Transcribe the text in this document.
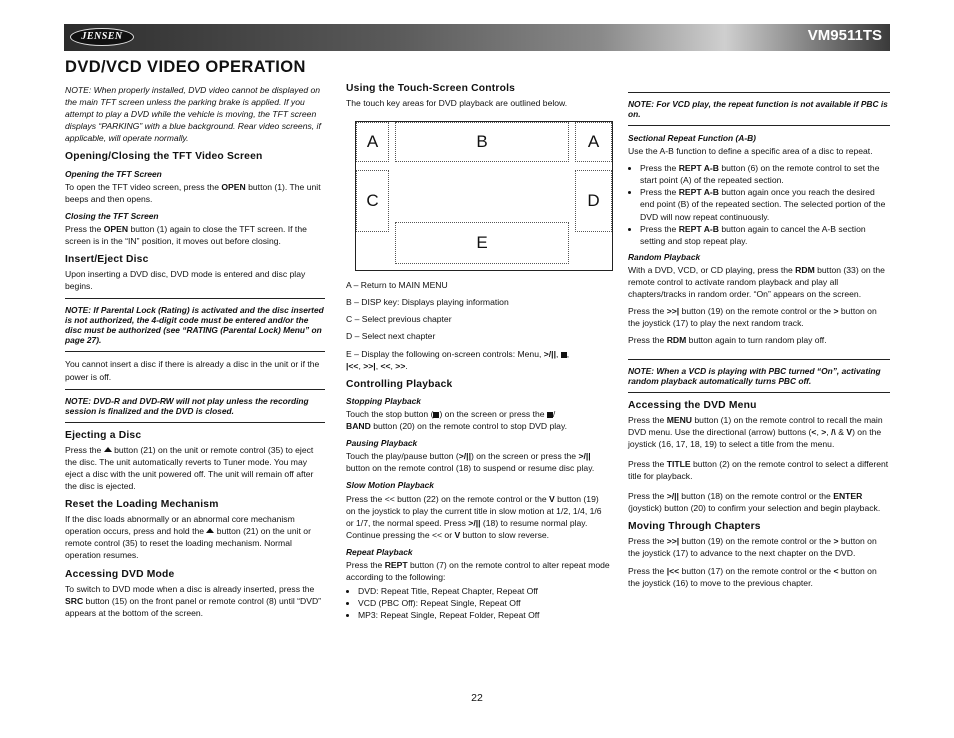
JENSEN	VM9511TS
DVD/VCD VIDEO OPERATION

NOTE: When properly installed, DVD video cannot be displayed on the main TFT screen unless the parking brake is applied. If you attempt to play a DVD while the vehicle is moving, the TFT screen displays “PARKING” with a blue background. Rear video screens, if applicable, will operate normally.

Opening/Closing the TFT Video Screen
Opening the TFT Screen

To open the TFT video screen, press the OPEN button (1). The unit beeps and then opens.

Closing the TFT Screen

Press the OPEN button (1) again to close the TFT screen. If the screen is in the “IN” position, it moves out before closing.

Insert/Eject Disc

Upon inserting a DVD disc, DVD mode is entered and disc play begins.

NOTE: If Parental Lock (Rating) is activated and the disc inserted is not authorized, the 4-digit code must be entered and/or the disc must be authorized (see “RATING (Parental Lock) Menu” on page 27).

You cannot insert a disc if there is already a disc in the unit or if the power is off.

NOTE: DVD-R and DVD-RW will not play unless the recording session is finalized and the DVD is closed.

Ejecting a Disc

Press the  button (21) on the unit or remote control (35) to eject the disc. The unit automatically reverts to Tuner mode. You may eject a disc with the unit powered off. The unit will remain off after the disc is ejected.

Reset the Loading Mechanism

If the disc loads abnormally or an abnormal core mechanism operation occurs, press and hold the  button (21) on the unit or remote control (35) to reset the loading mechanism. Normal operation resumes.

Accessing DVD Mode

To switch to DVD mode when a disc is already inserted, press the SRC button (15) on the front panel or remote control (8) until “DVD” appears at the bottom of the screen.

Using the Touch-Screen Controls

The touch key areas for DVD playback are outlined below.

A	B	A
C	D
E

A – Return to MAIN MENU

B – DISP key: Displays playing information

C – Select previous chapter

D – Select next chapter

E – Display the following on-screen controls: Menu, >/||, ,
|<<, >>|, <<, >>.

Controlling Playback
Stopping Playback

Touch the stop button ( ) on the screen or press the /
BAND button (20) on the remote control to stop DVD play.

Pausing Playback

Touch the play/pause button (>/||) on the screen or press the >/|| button on the remote control (18) to suspend or resume disc play.

Slow Motion Playback

Press the << button (22) on the remote control or the V button (19) on the joystick to play the current title in slow motion at 1/2, 1/4, 1/6 or 1/7, the normal speed. Press >/|| (18) to resume normal play. Continue pressing the << or V button to slow reverse.

Repeat Playback

Press the REPT button (7) on the remote control to alter repeat mode according to the following:

• DVD: Repeat Title, Repeat Chapter, Repeat Off
• VCD (PBC Off): Repeat Single, Repeat Off
• MP3: Repeat Single, Repeat Folder, Repeat Off

NOTE: For VCD play, the repeat function is not available if PBC is on.

Sectional Repeat Function (A-B)

Use the A-B function to define a specific area of a disc to repeat.

• Press the REPT A-B button (6) on the remote control to set the start point (A) of the repeated section.
• Press the REPT A-B button again once you reach the desired end point (B) of the repeated section. The selected portion of the DVD will now repeat continuously.
• Press the REPT A-B button again to cancel the A-B section setting and stop repeat play.
Random Playback

With a DVD, VCD, or CD playing, press the RDM button (33) on the remote control to activate random playback and play all chapters/tracks in random order. “On” appears on the screen.

Press the >>| button (19) on the remote control or the > button on the joystick (17) to play the next random track.

Press the RDM button again to turn random play off.

NOTE: When a VCD is playing with PBC turned “On”, activating random playback automatically turns PBC off.

Accessing the DVD Menu

Press the MENU button (1) on the remote control to recall the main DVD menu. Use the directional (arrow) buttons (<, >, /\ & V) on the joystick (16, 17, 18, 19) to select a title from the menu.

Press the TITLE button (2) on the remote control to select a different title for playback.

Press the >/|| button (18) on the remote control or the ENTER (joystick) button (20) to confirm your selection and begin playback.

Moving Through Chapters

Press the >>| button (19) on the remote control or the > button on the joystick (17) to advance to the next chapter on the DVD.

Press the |<< button (17) on the remote control or the < button on the joystick (16) to move to the previous chapter.

22
